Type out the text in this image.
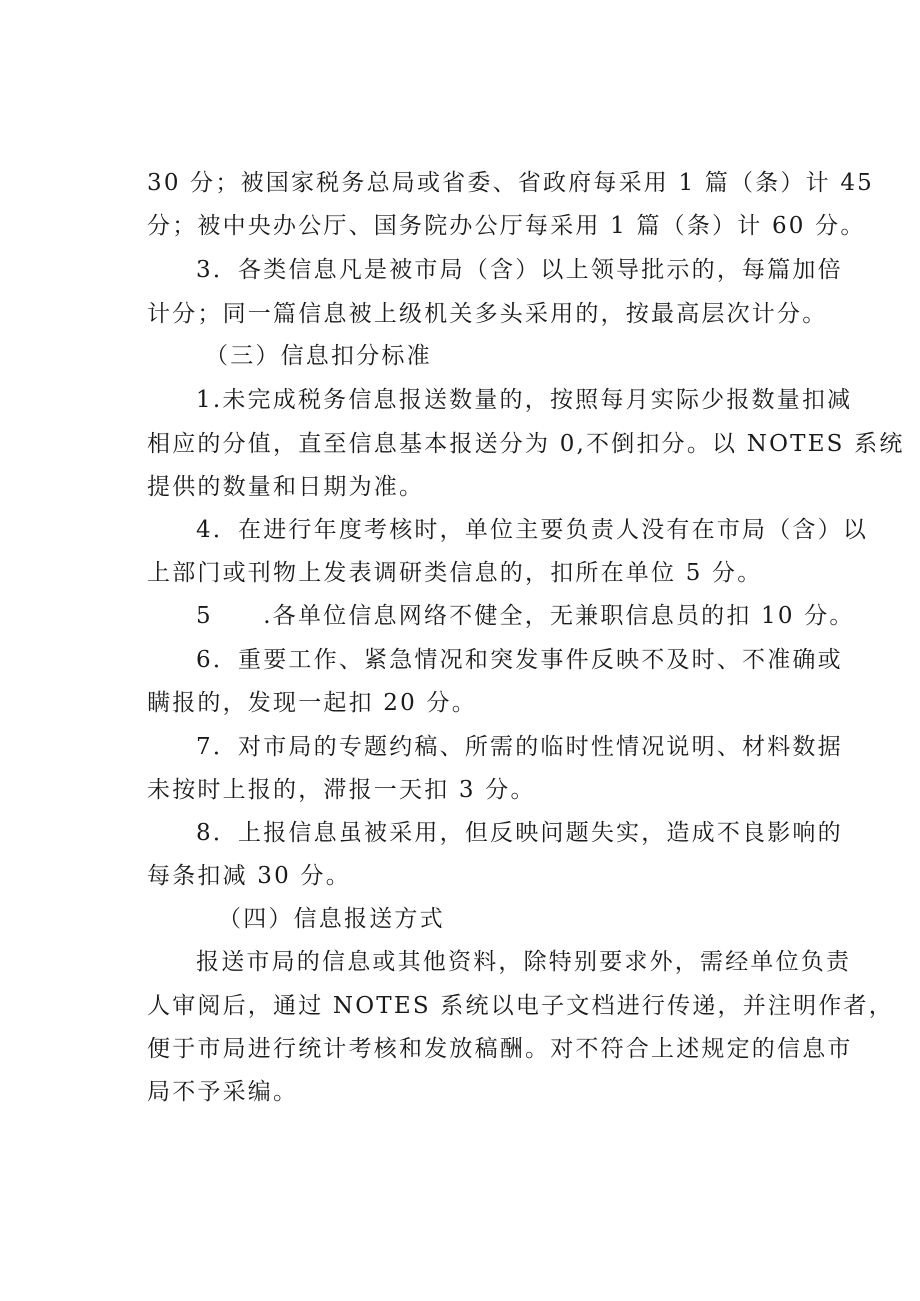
30 分；被国家税务总局或省委、省政府每采用 1 篇（条）计 45
分；被中央办公厅、国务院办公厅每采用 1 篇（条）计 60 分。
3．各类信息凡是被市局（含）以上领导批示的，每篇加倍
计分；同一篇信息被上级机关多头采用的，按最高层次计分。
（三）信息扣分标准
1.未完成税务信息报送数量的，按照每月实际少报数量扣减
相应的分值，直至信息基本报送分为 0,不倒扣分。以 NOTES 系统
提供的数量和日期为准。
4．在进行年度考核时，单位主要负责人没有在市局（含）以
上部门或刊物上发表调研类信息的，扣所在单位 5 分。
5　　.各单位信息网络不健全，无兼职信息员的扣 10 分。
6．重要工作、紧急情况和突发事件反映不及时、不准确或
瞒报的，发现一起扣 20 分。
7．对市局的专题约稿、所需的临时性情况说明、材料数据
未按时上报的，滞报一天扣 3 分。
8．上报信息虽被采用，但反映问题失实，造成不良影响的
每条扣减 30 分。
（四）信息报送方式
报送市局的信息或其他资料，除特别要求外，需经单位负责
人审阅后，通过 NOTES 系统以电子文档进行传递，并注明作者，
便于市局进行统计考核和发放稿酬。对不符合上述规定的信息市
局不予采编。
